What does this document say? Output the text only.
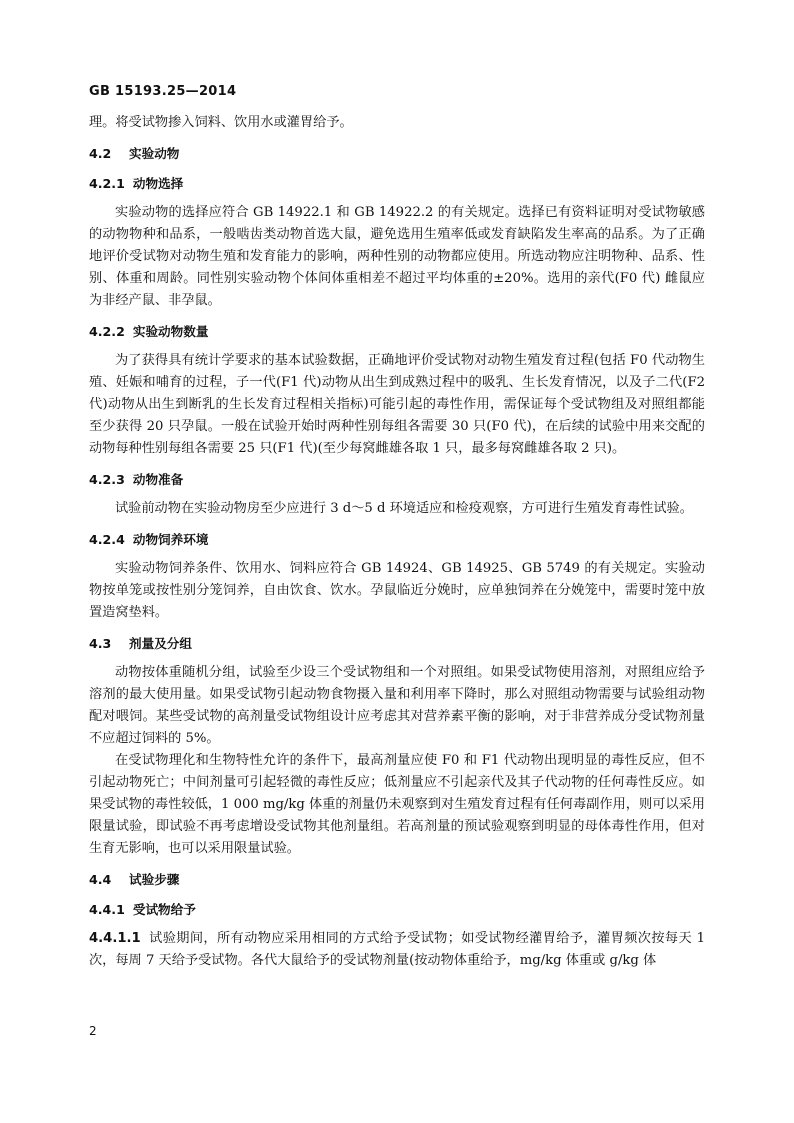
GB 15193.25—2014

理。将受试物掺入饲料、饮用水或灌胃给予。

4.2 实验动物
4.2.1 动物选择

实验动物的选择应符合 GB 14922.1 和 GB 14922.2 的有关规定。选择已有资料证明对受试物敏感的动物物种和品系，一般啮齿类动物首选大鼠，避免选用生殖率低或发育缺陷发生率高的品系。为了正确地评价受试物对动物生殖和发育能力的影响，两种性别的动物都应使用。所选动物应注明物种、品系、性别、体重和周龄。同性别实验动物个体间体重相差不超过平均体重的±20%。选用的亲代(F0 代) 雌鼠应为非经产鼠、非孕鼠。

4.2.2 实验动物数量

为了获得具有统计学要求的基本试验数据，正确地评价受试物对动物生殖发育过程(包括 F0 代动物生殖、妊娠和哺育的过程，子一代(F1 代)动物从出生到成熟过程中的吸乳、生长发育情况，以及子二代(F2 代)动物从出生到断乳的生长发育过程相关指标)可能引起的毒性作用，需保证每个受试物组及对照组都能至少获得 20 只孕鼠。一般在试验开始时两种性别每组各需要 30 只(F0 代)，在后续的试验中用来交配的动物每种性别每组各需要 25 只(F1 代)(至少每窝雌雄各取 1 只，最多每窝雌雄各取 2 只)。

4.2.3 动物准备

试验前动物在实验动物房至少应进行 3 d～5 d 环境适应和检疫观察，方可进行生殖发育毒性试验。

4.2.4 动物饲养环境

实验动物饲养条件、饮用水、饲料应符合 GB 14924、GB 14925、GB 5749 的有关规定。实验动物按单笼或按性别分笼饲养，自由饮食、饮水。孕鼠临近分娩时，应单独饲养在分娩笼中，需要时笼中放置造窝垫料。

4.3 剂量及分组

动物按体重随机分组，试验至少设三个受试物组和一个对照组。如果受试物使用溶剂，对照组应给予溶剂的最大使用量。如果受试物引起动物食物摄入量和利用率下降时，那么对照组动物需要与试验组动物配对喂饲。某些受试物的高剂量受试物组设计应考虑其对营养素平衡的影响，对于非营养成分受试物剂量不应超过饲料的 5%。

在受试物理化和生物特性允许的条件下，最高剂量应使 F0 和 F1 代动物出现明显的毒性反应，但不引起动物死亡；中间剂量可引起轻微的毒性反应；低剂量应不引起亲代及其子代动物的任何毒性反应。如果受试物的毒性较低，1 000 mg/kg 体重的剂量仍未观察到对生殖发育过程有任何毒副作用，则可以采用限量试验，即试验不再考虑增设受试物其他剂量组。若高剂量的预试验观察到明显的母体毒性作用，但对生育无影响，也可以采用限量试验。

4.4 试验步骤
4.4.1 受试物给予

4.4.1.1 试验期间，所有动物应采用相同的方式给予受试物；如受试物经灌胃给予，灌胃频次按每天 1 次，每周 7 天给予受试物。各代大鼠给予的受试物剂量(按动物体重给予，mg/kg 体重或 g/kg 体

2
